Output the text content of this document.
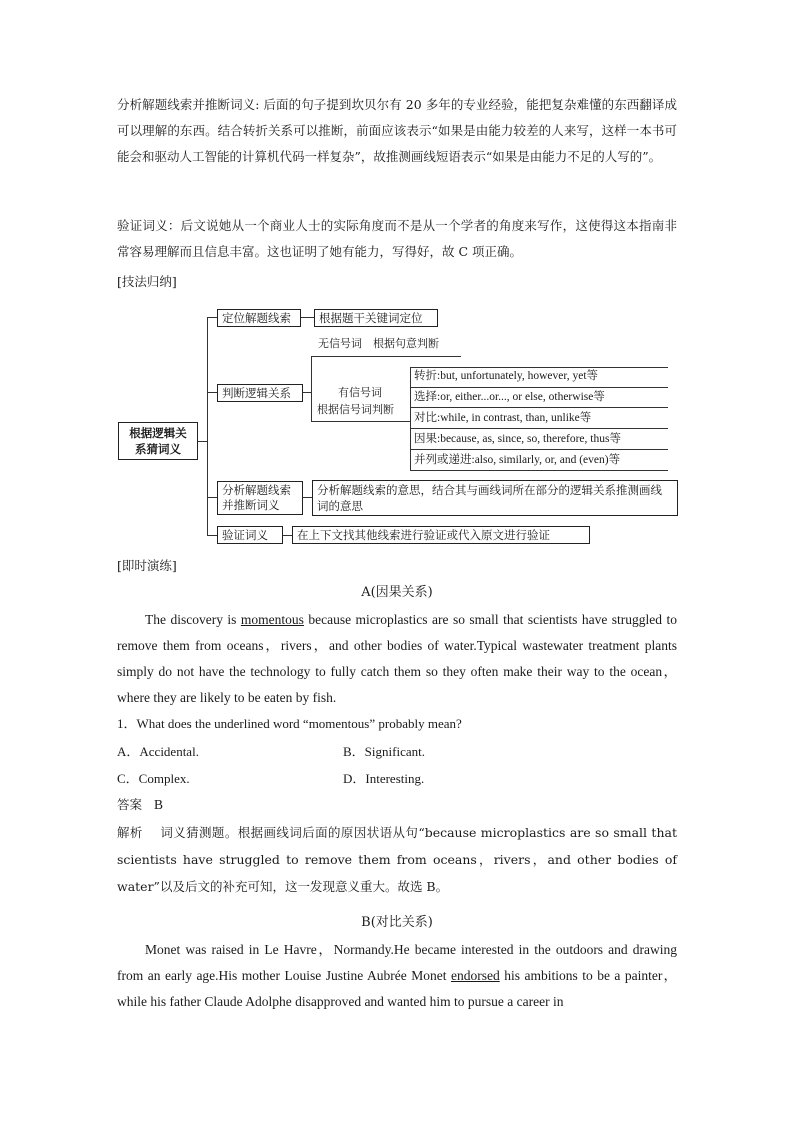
分析解题线索并推断词义: 后面的句子提到坎贝尔有 20 多年的专业经验，能把复杂难懂的东西翻译成可以理解的东西。结合转折关系可以推断，前面应该表示“如果是由能力较差的人来写，这样一本书可能会和驱动人工智能的计算机代码一样复杂”，故推测画线短语表示“如果是由能力不足的人写的”。

验证词义：后文说她从一个商业人士的实际角度而不是从一个学者的角度来写作，这使得这本指南非常容易理解而且信息丰富。这也证明了她有能力，写得好，故 C 项正确。

[技法归纳]
根据逻辑关系猜词义
定位解题线索	根据题干关键词定位
判断逻辑关系
无信号词　根据句意判断
有信号词
根据信号词判断
转折:but, unfortunately, however, yet等
选择:or, either...or..., or else, otherwise等
对比:while, in contrast, than, unlike等
因果:because, as, since, so, therefore, thus等
并列或递进:also, similarly, or, and (even)等
分析解题线索
并推断词义
分析解题线索的意思，结合其与画线词所在部分的逻辑关系推测画线词的意思
验证词义	在上下文找其他线索进行验证或代入原文进行验证
[即时演练]
A(因果关系)

The discovery is momentous because microplastics are so small that scientists have struggled to remove them from oceans，rivers，and other bodies of water.Typical wastewater treatment plants simply do not have the technology to fully catch them so they often make their way to the ocean，where they are likely to be eaten by fish.

1．What does the underlined word “momentous” probably mean?
A．Accidental.	B．Significant.
C．Complex.	D．Interesting.
答案 B

解析 词义猜测题。根据画线词后面的原因状语从句“because microplastics are so small that scientists have struggled to remove them from oceans，rivers，and other bodies of water”以及后文的补充可知，这一发现意义重大。故选 B。

B(对比关系)

Monet was raised in Le Havre，Normandy.He became interested in the outdoors and drawing from an early age.His mother Louise Justine Aubrée Monet endorsed his ambitions to be a painter，while his father Claude Adolphe disapproved and wanted him to pursue a career in
